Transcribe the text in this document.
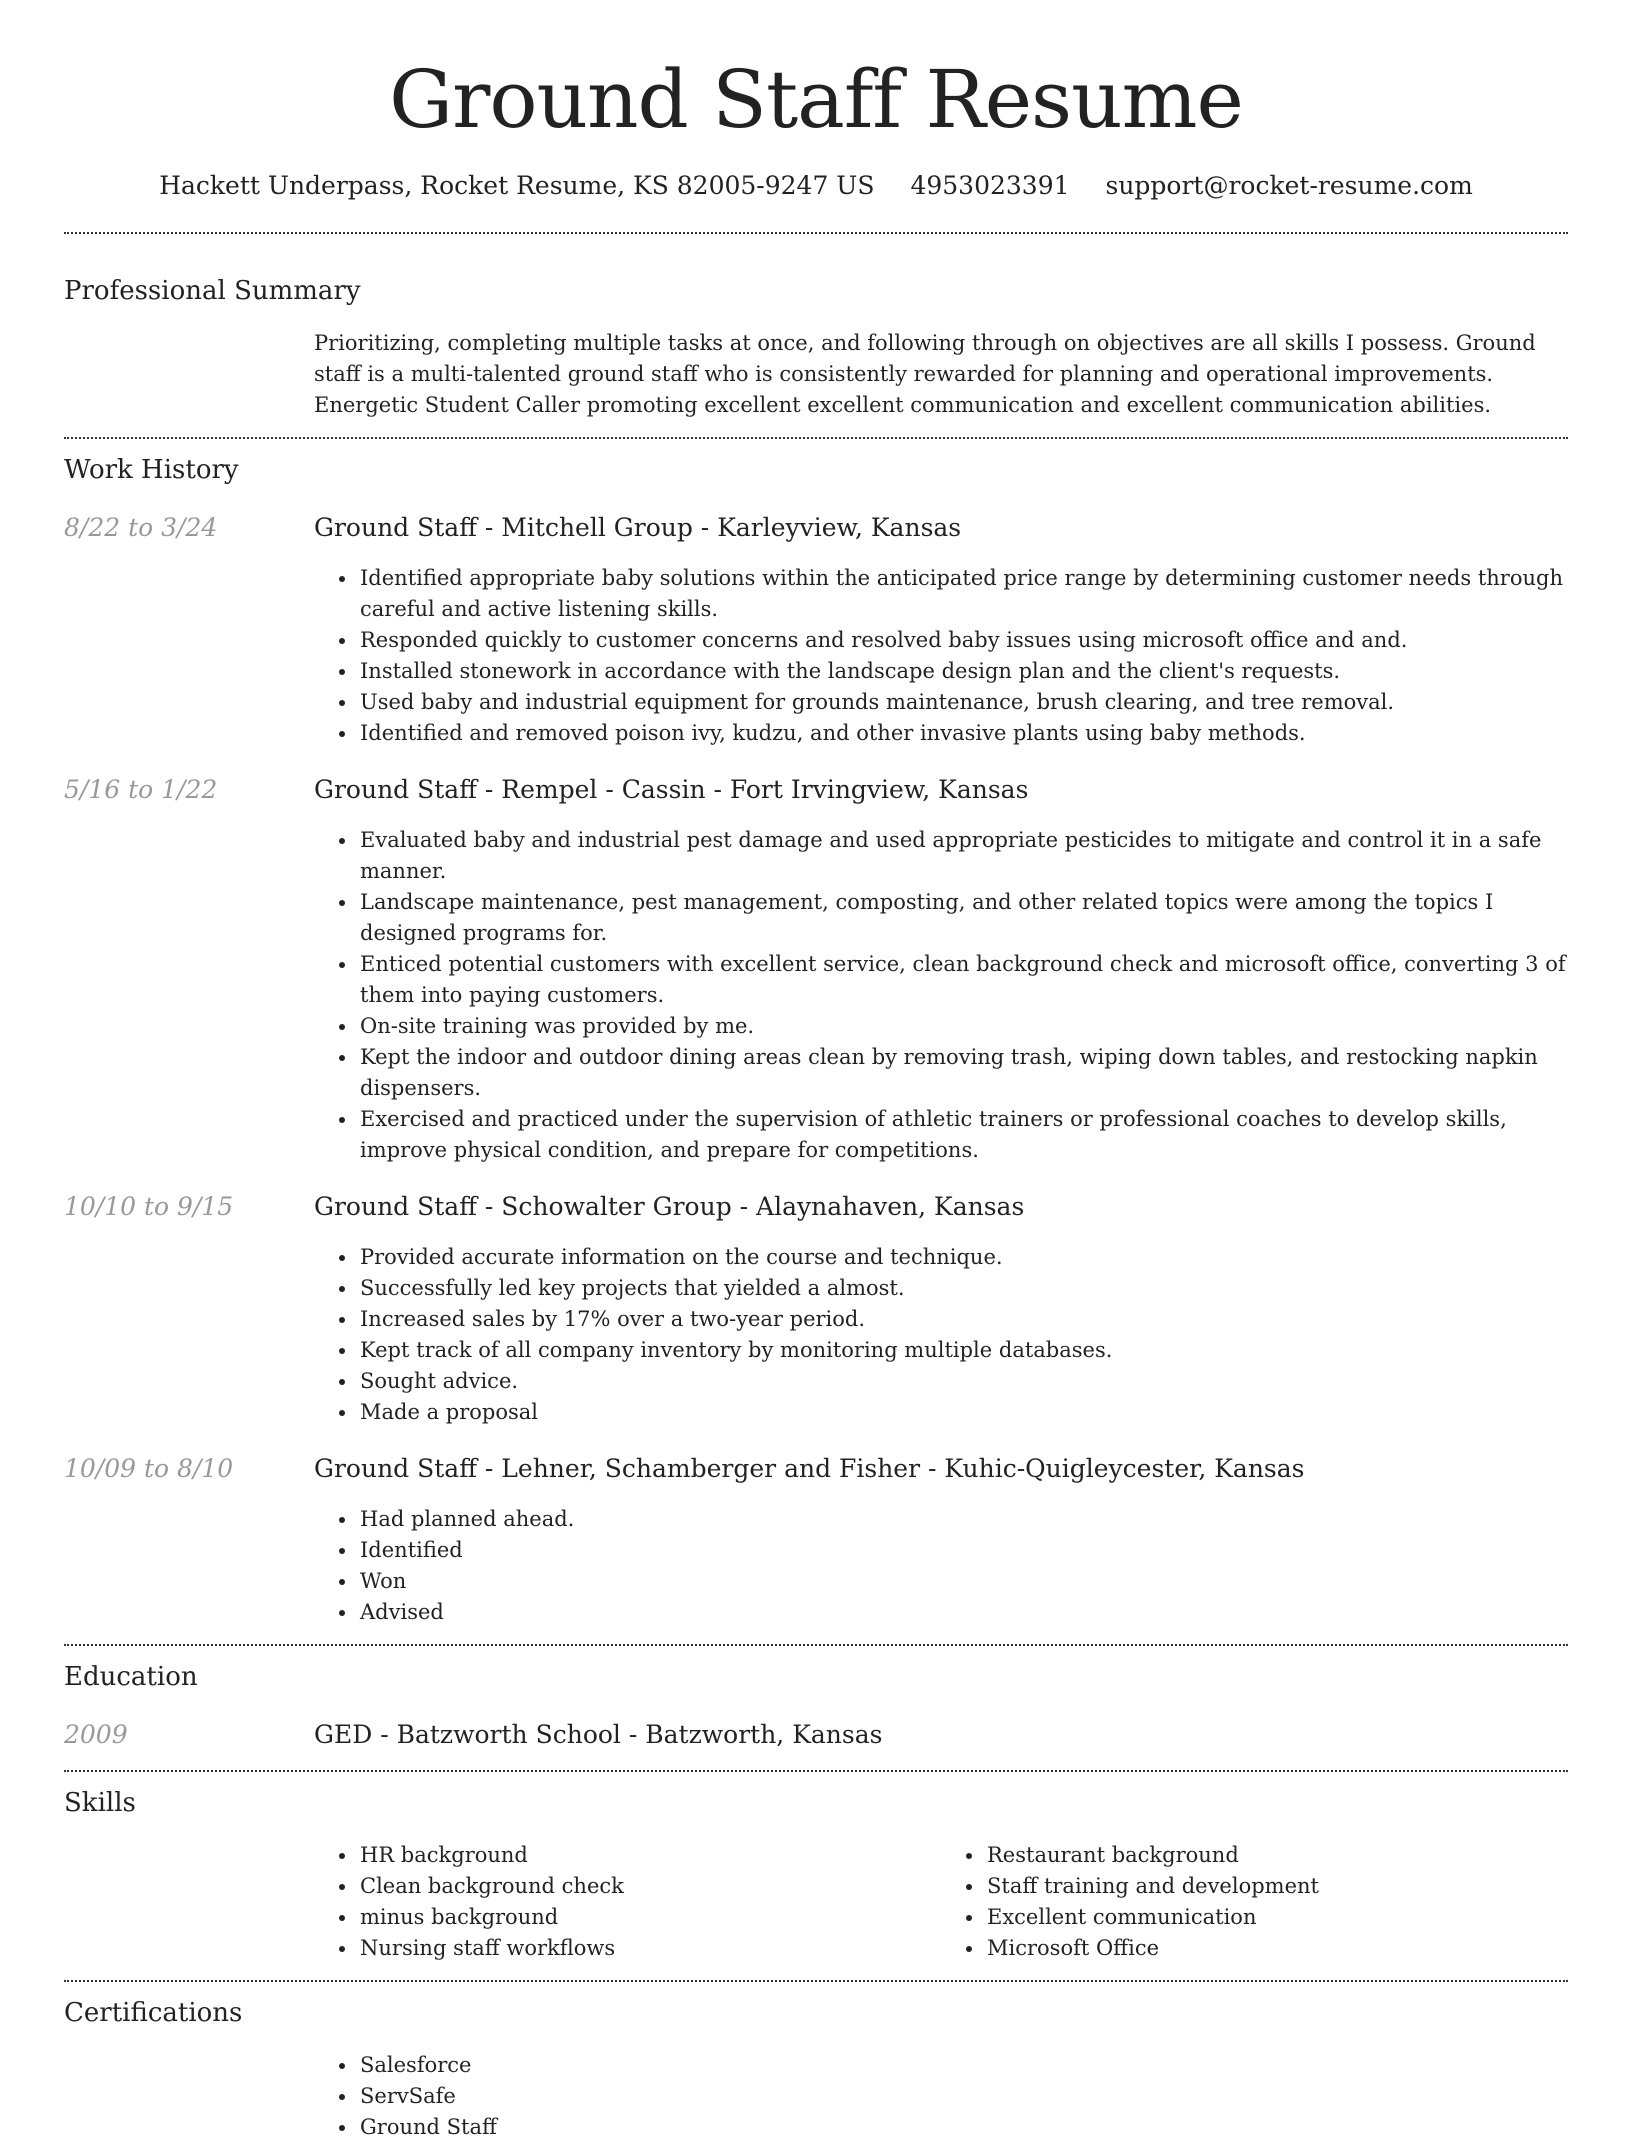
Ground Staff Resume
Hackett Underpass, Rocket Resume, KS 82005-9247 US 4953023391 support@rocket-resume.com
Professional Summary

Prioritizing, completing multiple tasks at once, and following through on objectives are all skills I possess. Ground staff is a multi-talented ground staff who is consistently rewarded for planning and operational improvements. Energetic Student Caller promoting excellent excellent communication and excellent communication abilities.

Work History
8/22 to 3/24	Ground Staff - Mitchell Group - Karleyview, Kansas
• Identified appropriate baby solutions within the anticipated price range by determining customer needs through careful and active listening skills.
• Responded quickly to customer concerns and resolved baby issues using microsoft office and and.
• Installed stonework in accordance with the landscape design plan and the client's requests.
• Used baby and industrial equipment for grounds maintenance, brush clearing, and tree removal.
• Identified and removed poison ivy, kudzu, and other invasive plants using baby methods.
5/16 to 1/22	Ground Staff - Rempel - Cassin - Fort Irvingview, Kansas
• Evaluated baby and industrial pest damage and used appropriate pesticides to mitigate and control it in a safe manner.
• Landscape maintenance, pest management, composting, and other related topics were among the topics I designed programs for.
• Enticed potential customers with excellent service, clean background check and microsoft office, converting 3 of them into paying customers.
• On-site training was provided by me.
• Kept the indoor and outdoor dining areas clean by removing trash, wiping down tables, and restocking napkin dispensers.
• Exercised and practiced under the supervision of athletic trainers or professional coaches to develop skills, improve physical condition, and prepare for competitions.
10/10 to 9/15	Ground Staff - Schowalter Group - Alaynahaven, Kansas
• Provided accurate information on the course and technique.
• Successfully led key projects that yielded a almost.
• Increased sales by 17% over a two-year period.
• Kept track of all company inventory by monitoring multiple databases.
• Sought advice.
• Made a proposal
10/09 to 8/10	Ground Staff - Lehner, Schamberger and Fisher - Kuhic-Quigleycester, Kansas
• Had planned ahead.
• Identified
• Won
• Advised
Education
2009	GED - Batzworth School - Batzworth, Kansas
Skills
• HR background
• Clean background check
• minus background
• Nursing staff workflows
• Restaurant background
• Staff training and development
• Excellent communication
• Microsoft Office
Certifications
• Salesforce
• ServSafe
• Ground Staff
